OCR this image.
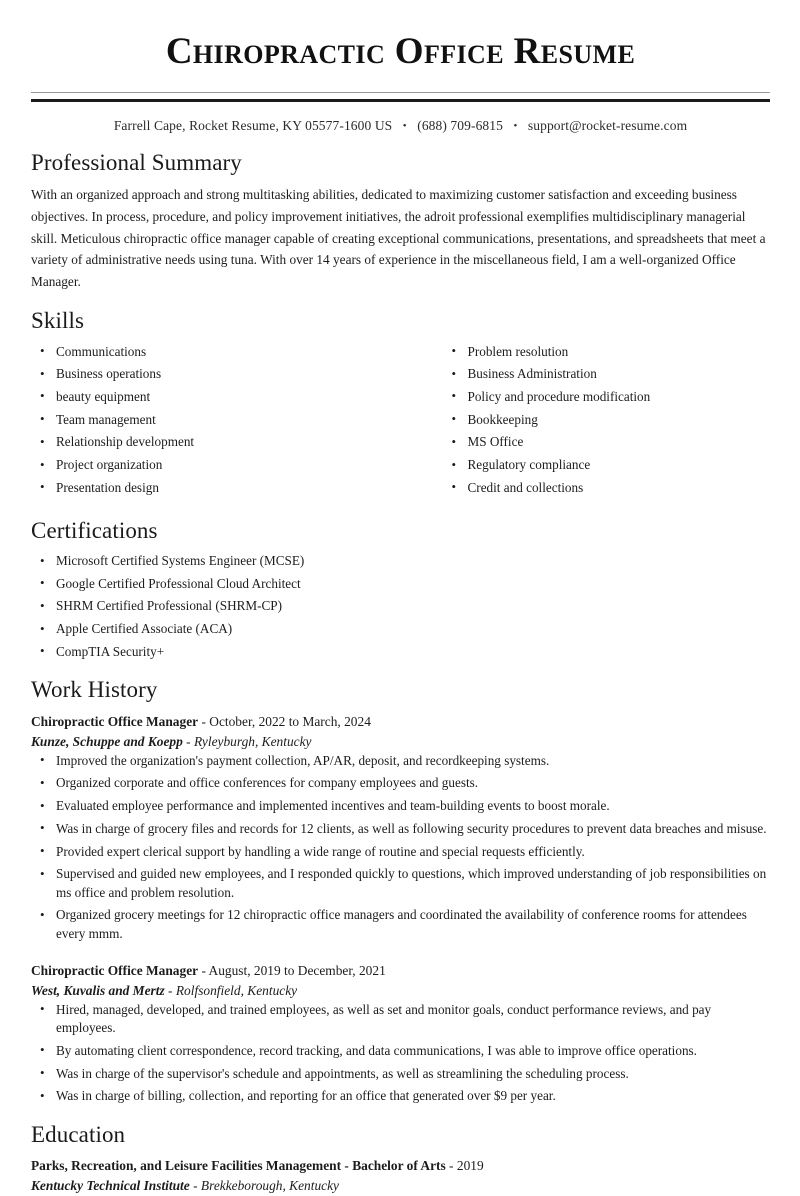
Chiropractic Office Resume
Farrell Cape, Rocket Resume, KY 05577-1600 US • (688) 709-6815 • support@rocket-resume.com
Professional Summary

With an organized approach and strong multitasking abilities, dedicated to maximizing customer satisfaction and exceeding business objectives. In process, procedure, and policy improvement initiatives, the adroit professional exemplifies multidisciplinary managerial skill. Meticulous chiropractic office manager capable of creating exceptional communications, presentations, and spreadsheets that meet a variety of administrative needs using tuna. With over 14 years of experience in the miscellaneous field, I am a well-organized Office Manager.

Skills
• Communications
• Business operations
• beauty equipment
• Team management
• Relationship development
• Project organization
• Presentation design
• Problem resolution
• Business Administration
• Policy and procedure modification
• Bookkeeping
• MS Office
• Regulatory compliance
• Credit and collections
Certifications
• Microsoft Certified Systems Engineer (MCSE)
• Google Certified Professional Cloud Architect
• SHRM Certified Professional (SHRM-CP)
• Apple Certified Associate (ACA)
• CompTIA Security+
Work History
Chiropractic Office Manager - October, 2022 to March, 2024
Kunze, Schuppe and Koepp - Ryleyburgh, Kentucky
• Improved the organization's payment collection, AP/AR, deposit, and recordkeeping systems.
• Organized corporate and office conferences for company employees and guests.
• Evaluated employee performance and implemented incentives and team-building events to boost morale.
• Was in charge of grocery files and records for 12 clients, as well as following security procedures to prevent data breaches and misuse.
• Provided expert clerical support by handling a wide range of routine and special requests efficiently.
• Supervised and guided new employees, and I responded quickly to questions, which improved understanding of job responsibilities on ms office and problem resolution.
• Organized grocery meetings for 12 chiropractic office managers and coordinated the availability of conference rooms for attendees every mmm.
Chiropractic Office Manager - August, 2019 to December, 2021
West, Kuvalis and Mertz - Rolfsonfield, Kentucky
• Hired, managed, developed, and trained employees, as well as set and monitor goals, conduct performance reviews, and pay employees.
• By automating client correspondence, record tracking, and data communications, I was able to improve office operations.
• Was in charge of the supervisor's schedule and appointments, as well as streamlining the scheduling process.
• Was in charge of billing, collection, and reporting for an office that generated over $9 per year.
Education
Parks, Recreation, and Leisure Facilities Management - Bachelor of Arts - 2019
Kentucky Technical Institute - Brekkeborough, Kentucky
